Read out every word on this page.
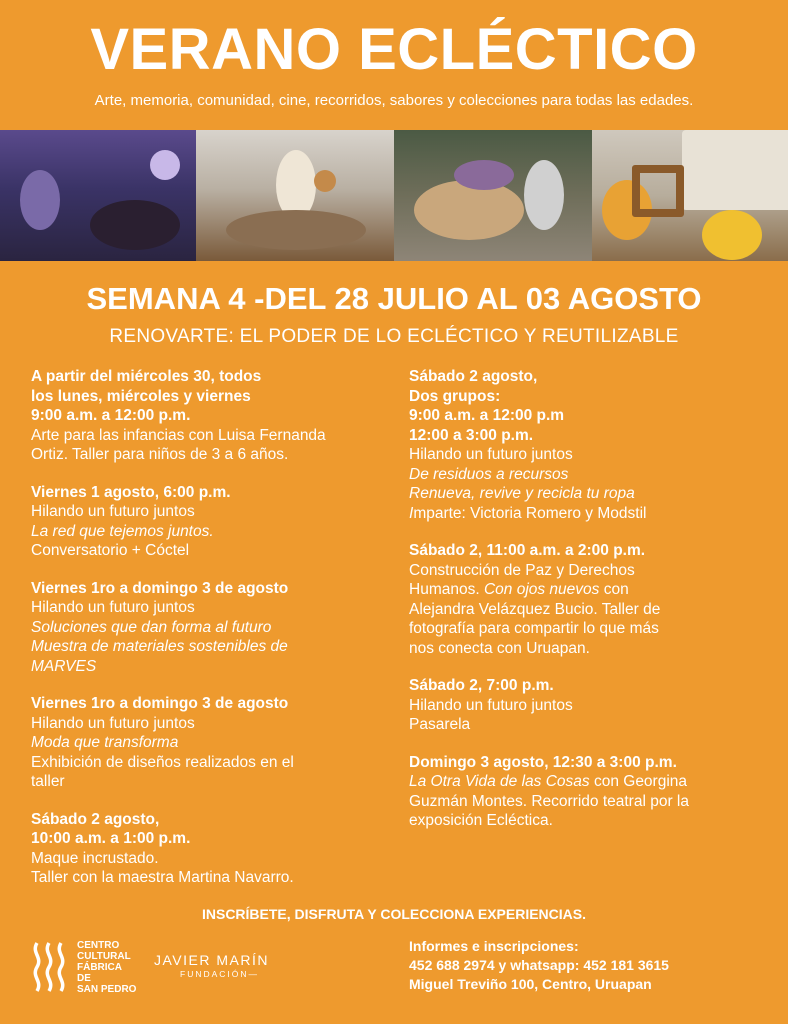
VERANO ECLÉCTICO
Arte, memoria, comunidad, cine, recorridos, sabores y colecciones para todas las edades.
SEMANA 4 -DEL 28 JULIO AL 03 AGOSTO
RENOVARTE: EL PODER DE LO ECLÉCTICO Y REUTILIZABLE
A partir del miércoles 30, todos
los lunes, miércoles y viernes
9:00 a.m. a 12:00 p.m.
Arte para las infancias con Luisa Fernanda
Ortiz. Taller para niños de 3 a 6 años.
Viernes 1 agosto, 6:00 p.m.
Hilando un futuro juntos
La red que tejemos juntos.
Conversatorio + Cóctel
Viernes 1ro a domingo 3 de agosto
Hilando un futuro juntos
Soluciones que dan forma al futuro
Muestra de materiales sostenibles de
MARVES
Viernes 1ro a domingo 3 de agosto
Hilando un futuro juntos
Moda que transforma
Exhibición de diseños realizados en el
taller
Sábado 2 agosto,
10:00 a.m. a 1:00 p.m.
Maque incrustado.
Taller con la maestra Martina Navarro.
Sábado 2 agosto,
Dos grupos:
9:00 a.m. a 12:00 p.m
12:00 a 3:00 p.m.
Hilando un futuro juntos
De residuos a recursos
Renueva, revive y recicla tu ropa
Imparte: Victoria Romero y Modstil
Sábado 2, 11:00 a.m. a 2:00 p.m.
Construcción de Paz y Derechos
Humanos. Con ojos nuevos con
Alejandra Velázquez Bucio. Taller de
fotografía para compartir lo que más
nos conecta con Uruapan.
Sábado 2, 7:00 p.m.
Hilando un futuro juntos
Pasarela
Domingo 3 agosto, 12:30 a 3:00 p.m.
La Otra Vida de las Cosas con Georgina
Guzmán Montes. Recorrido teatral por la
exposición Ecléctica.
INSCRÍBETE, DISFRUTA Y COLECCIONA EXPERIENCIAS.
CENTRO
CULTURAL
FÁBRICA
DE
SAN PEDRO
JAVIER MARÍN
FUNDACIÓN—
Informes e inscripciones:
452 688 2974 y whatsapp: 452 181 3615
Miguel Treviño 100, Centro, Uruapan
